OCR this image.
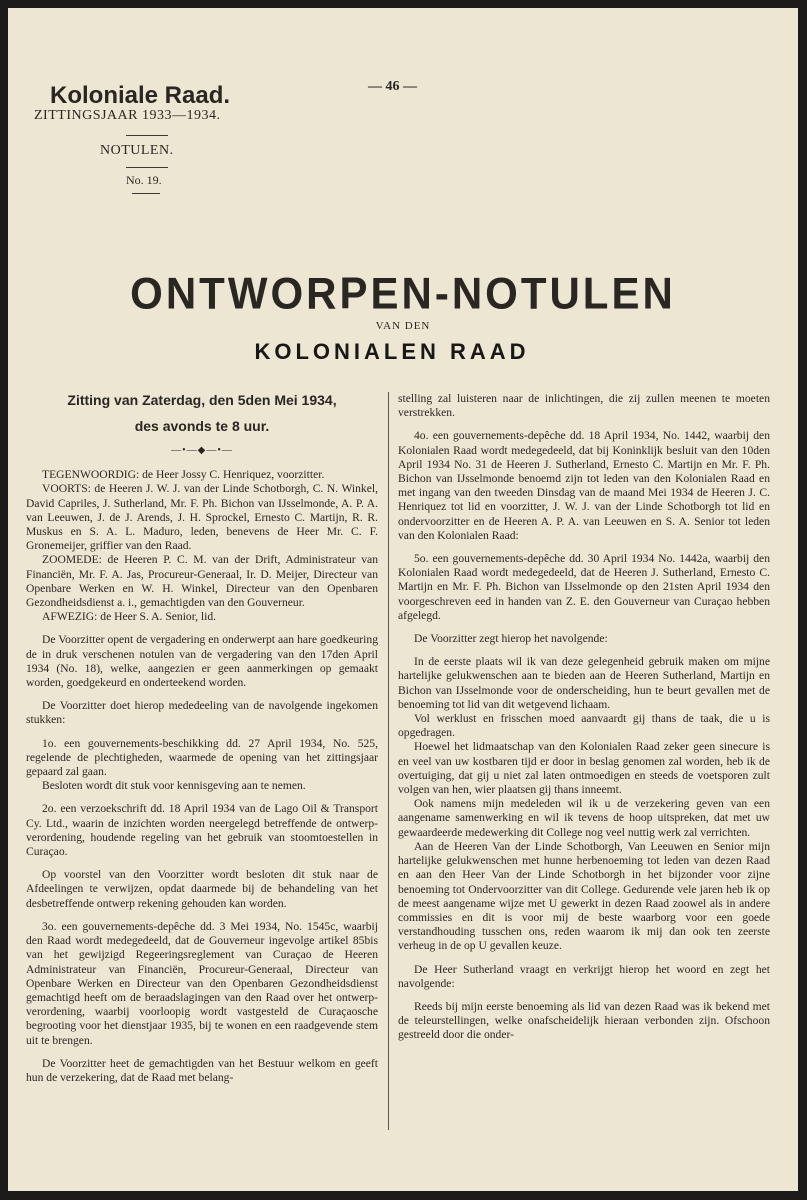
Koloniale Raad.
ZITTINGSJAAR 1933—1934.
NOTULEN.
No. 19.
— 46 —
ONTWORPEN-NOTULEN
VAN DEN
KOLONIALEN RAAD

Zitting van Zaterdag, den 5den Mei 1934,

des avonds te 8 uur.

—•—◆—•—

TEGENWOORDIG: de Heer Jossy C. Henriquez, voorzitter.

VOORTS: de Heeren J. W. J. van der Linde Schotborgh, C. N. Winkel, David Capriles, J. Sutherland, Mr. F. Ph. Bichon van IJsselmonde, A. P. A. van Leeuwen, J. de J. Arends, J. H. Sprockel, Ernesto C. Martijn, R. R. Muskus en S. A. L. Maduro, leden, benevens de Heer Mr. C. F. Gronemeijer, griffier van den Raad.

ZOOMEDE: de Heeren P. C. M. van der Drift, Administrateur van Financiën, Mr. F. A. Jas, Procureur-Generaal, Ir. D. Meijer, Directeur van Openbare Werken en W. H. Winkel, Directeur van den Openbaren Gezondheidsdienst a. i., gemachtigden van den Gouverneur.

AFWEZIG: de Heer S. A. Senior, lid.

De Voorzitter opent de vergadering en onderwerpt aan hare goedkeuring de in druk verschenen notulen van de vergadering van den 17den April 1934 (No. 18), welke, aangezien er geen aanmerkingen op gemaakt worden, goedgekeurd en onderteekend worden.

De Voorzitter doet hierop mededeeling van de navolgende ingekomen stukken:

1o. een gouvernements-beschikking dd. 27 April 1934, No. 525, regelende de plechtigheden, waarmede de opening van het zittingsjaar gepaard zal gaan.

Besloten wordt dit stuk voor kennisgeving aan te nemen.

2o. een verzoekschrift dd. 18 April 1934 van de Lago Oil & Transport Cy. Ltd., waarin de inzichten worden neergelegd betreffende de ontwerp-verordening, houdende regeling van het gebruik van stoomtoestellen in Curaçao.

Op voorstel van den Voorzitter wordt besloten dit stuk naar de Afdeelingen te verwijzen, opdat daarmede bij de behandeling van het desbetreffende ontwerp rekening gehouden kan worden.

3o. een gouvernements-depêche dd. 3 Mei 1934, No. 1545c, waarbij den Raad wordt medegedeeld, dat de Gouverneur ingevolge artikel 85bis van het gewijzigd Regeeringsreglement van Curaçao de Heeren Administrateur van Financiën, Procureur-Generaal, Directeur van Openbare Werken en Directeur van den Openbaren Gezondheidsdienst gemachtigd heeft om de beraadslagingen van den Raad over het ontwerp-verordening, waarbij voorloopig wordt vastgesteld de Curaçaosche begrooting voor het dienstjaar 1935, bij te wonen en een raadgevende stem uit te brengen.

De Voorzitter heet de gemachtigden van het Bestuur welkom en geeft hun de verzekering, dat de Raad met belang-

stelling zal luisteren naar de inlichtingen, die zij zullen meenen te moeten verstrekken.

4o. een gouvernements-depêche dd. 18 April 1934, No. 1442, waarbij den Kolonialen Raad wordt medegedeeld, dat bij Koninklijk besluit van den 10den April 1934 No. 31 de Heeren J. Sutherland, Ernesto C. Martijn en Mr. F. Ph. Bichon van IJsselmonde benoemd zijn tot leden van den Kolonialen Raad en met ingang van den tweeden Dinsdag van de maand Mei 1934 de Heeren J. C. Henriquez tot lid en voorzitter, J. W. J. van der Linde Schotborgh tot lid en ondervoorzitter en de Heeren A. P. A. van Leeuwen en S. A. Senior tot leden van den Kolonialen Raad:

5o. een gouvernements-depêche dd. 30 April 1934 No. 1442a, waarbij den Kolonialen Raad wordt medegedeeld, dat de Heeren J. Sutherland, Ernesto C. Martijn en Mr. F. Ph. Bichon van IJsselmonde op den 21sten April 1934 den voorgeschreven eed in handen van Z. E. den Gouverneur van Curaçao hebben afgelegd.

De Voorzitter zegt hierop het navolgende:

In de eerste plaats wil ik van deze gelegenheid gebruik maken om mijne hartelijke gelukwenschen aan te bieden aan de Heeren Sutherland, Martijn en Bichon van IJsselmonde voor de onderscheiding, hun te beurt gevallen met de benoeming tot lid van dit wetgevend lichaam.

Vol werklust en frisschen moed aanvaardt gij thans de taak, die u is opgedragen.

Hoewel het lidmaatschap van den Kolonialen Raad zeker geen sinecure is en veel van uw kostbaren tijd er door in beslag genomen zal worden, heb ik de overtuiging, dat gij u niet zal laten ontmoedigen en steeds de voetsporen zult volgen van hen, wier plaatsen gij thans inneemt.

Ook namens mijn medeleden wil ik u de verzekering geven van een aangename samenwerking en wil ik tevens de hoop uitspreken, dat met uw gewaardeerde medewerking dit College nog veel nuttig werk zal verrichten.

Aan de Heeren Van der Linde Schotborgh, Van Leeuwen en Senior mijn hartelijke gelukwenschen met hunne herbenoeming tot leden van dezen Raad en aan den Heer Van der Linde Schotborgh in het bijzonder voor zijne benoeming tot Ondervoorzitter van dit College. Gedurende vele jaren heb ik op de meest aangename wijze met U gewerkt in dezen Raad zoowel als in andere commissies en dit is voor mij de beste waarborg voor een goede verstandhouding tusschen ons, reden waarom ik mij dan ook ten zeerste verheug in de op U gevallen keuze.

De Heer Sutherland vraagt en verkrijgt hierop het woord en zegt het navolgende:

Reeds bij mijn eerste benoeming als lid van dezen Raad was ik bekend met de teleurstellingen, welke onafscheidelijk hieraan verbonden zijn. Ofschoon gestreeld door die onder-
